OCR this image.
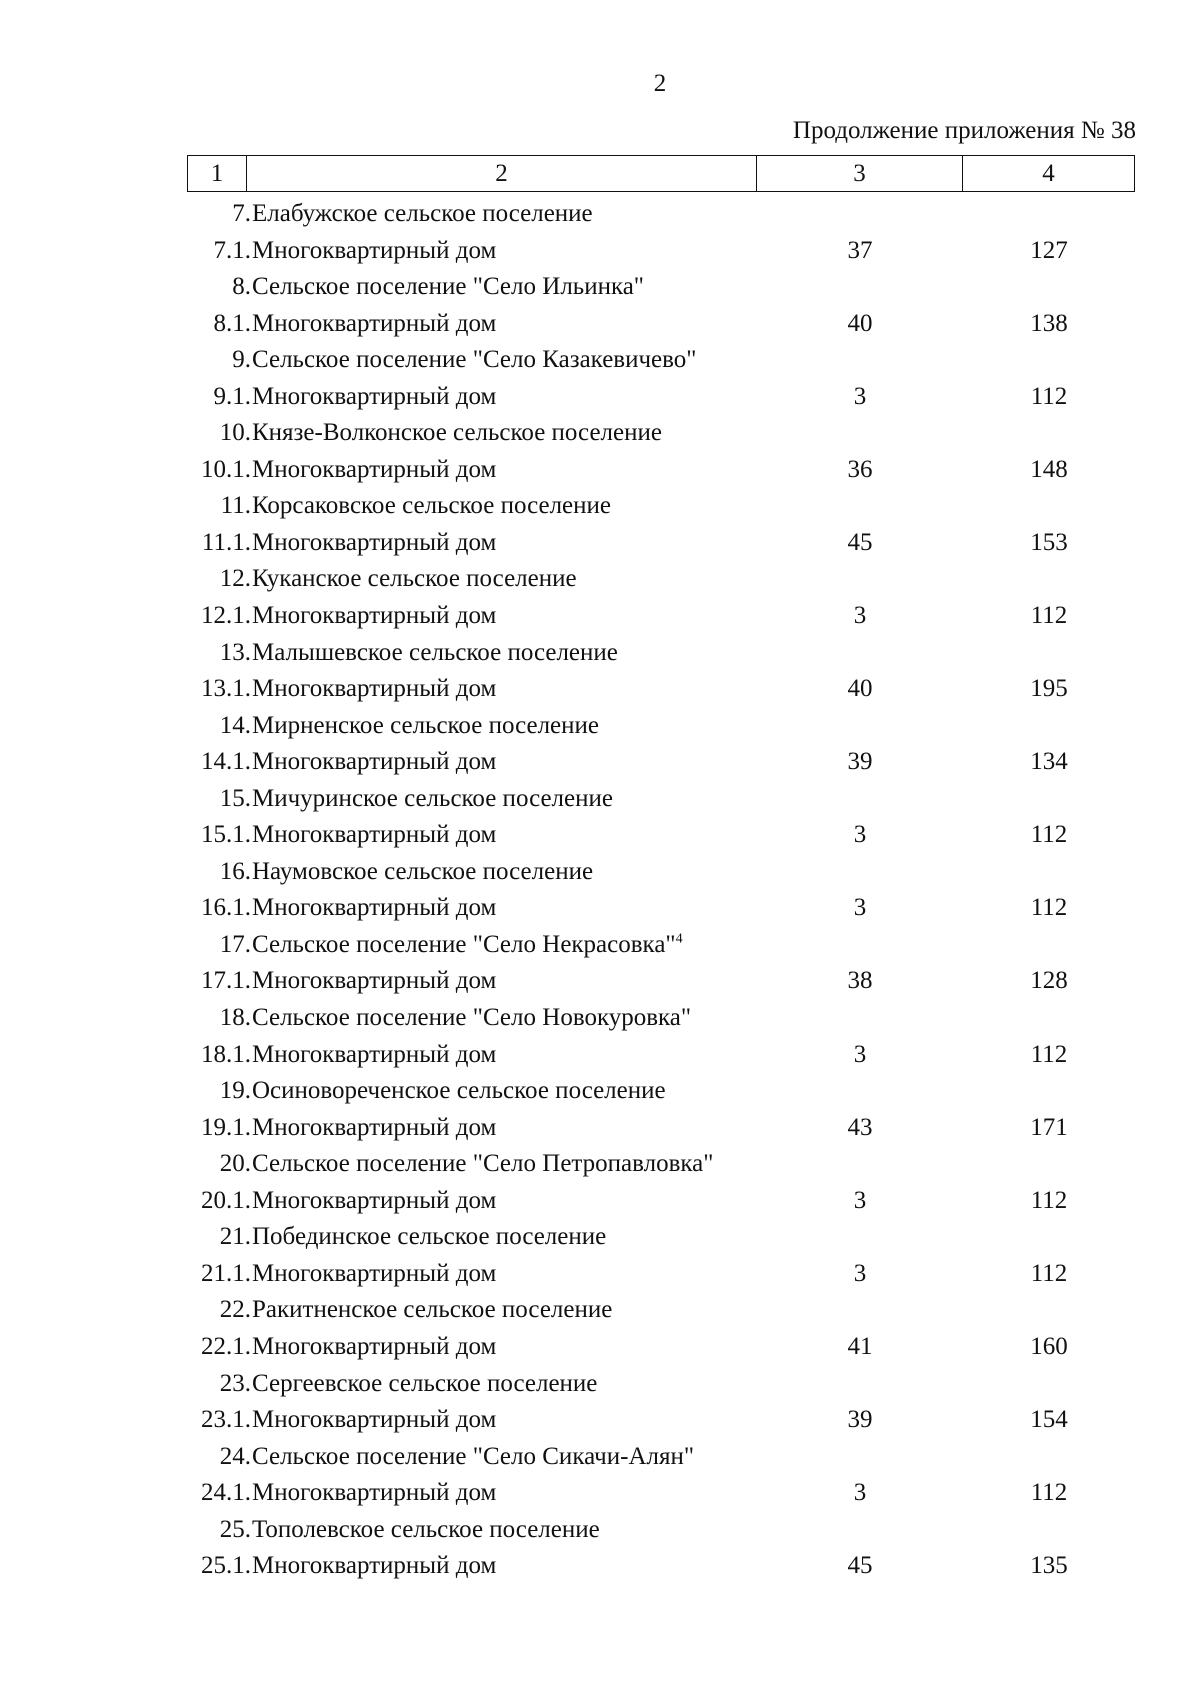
2
Продолжение приложения № 38
1	2	3	4
7. Елабужское сельское поселение
7.1. Многоквартирный дом	37	127
8. Сельское поселение "Село Ильинка"
8.1. Многоквартирный дом	40	138
9. Сельское поселение "Село Казакевичево"
9.1. Многоквартирный дом	3	112
10. Князе-Волконское сельское поселение
10.1. Многоквартирный дом	36	148
11. Корсаковское сельское поселение
11.1. Многоквартирный дом	45	153
12. Куканское сельское поселение
12.1. Многоквартирный дом	3	112
13. Малышевское сельское поселение
13.1. Многоквартирный дом	40	195
14. Мирненское сельское поселение
14.1. Многоквартирный дом	39	134
15. Мичуринское сельское поселение
15.1. Многоквартирный дом	3	112
16. Наумовское сельское поселение
16.1. Многоквартирный дом	3	112
17. Сельское поселение "Село Некрасовка"$^4$
17.1. Многоквартирный дом	38	128
18. Сельское поселение "Село Новокуровка"
18.1. Многоквартирный дом	3	112
19. Осиновореченское сельское поселение
19.1. Многоквартирный дом	43	171
20. Сельское поселение "Село Петропавловка"
20.1. Многоквартирный дом	3	112
21. Побединское сельское поселение
21.1. Многоквартирный дом	3	112
22. Ракитненское сельское поселение
22.1. Многоквартирный дом	41	160
23. Сергеевское сельское поселение
23.1. Многоквартирный дом	39	154
24. Сельское поселение "Село Сикачи-Алян"
24.1. Многоквартирный дом	3	112
25. Тополевское сельское поселение
25.1. Многоквартирный дом	45	135
